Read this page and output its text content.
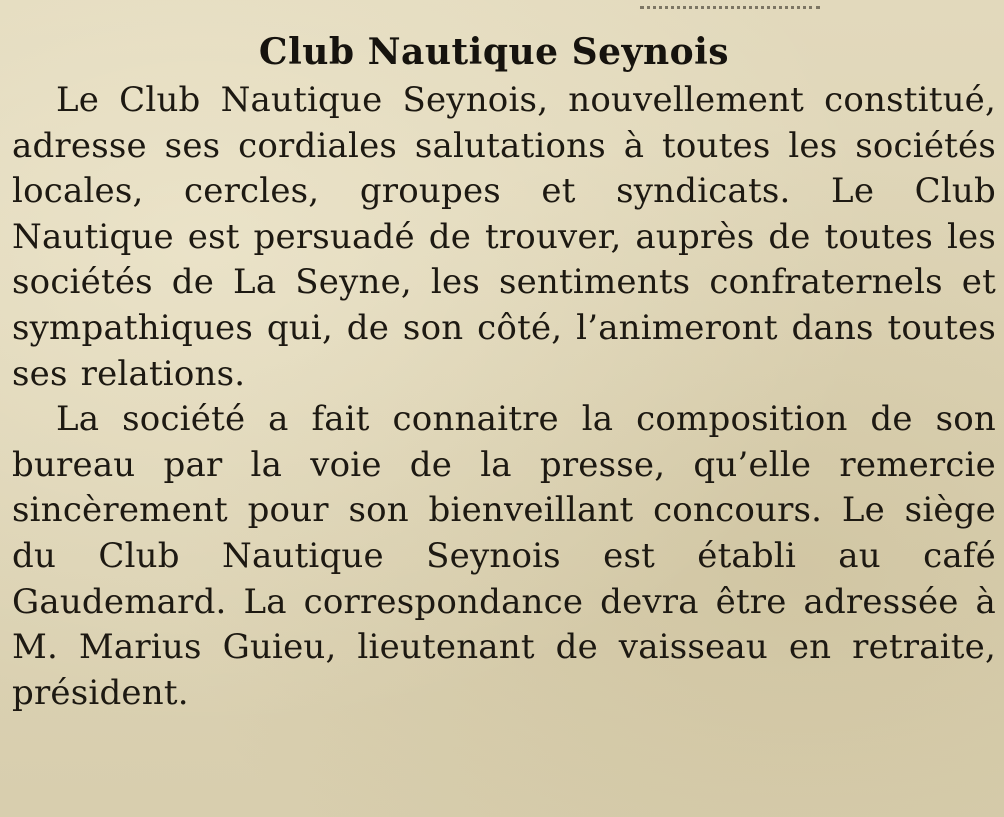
Club Nautique Seynois

Le Club Nautique Seynois, nouvellement constitué, adresse ses cordiales salutations à toutes les sociétés locales, cercles, groupes et syndicats. Le Club Nautique est persuadé de trouver, auprès de toutes les sociétés de La Seyne, les sentiments confraternels et sympathiques qui, de son côté, l’animeront dans toutes ses relations.

La société a fait connaitre la composition de son bureau par la voie de la presse, qu’elle remercie sincèrement pour son bienveillant concours. Le siège du Club Nautique Seynois est établi au café Gaudemard. La correspondance devra être adressée à M. Marius Guieu, lieutenant de vaisseau en retraite, président.
